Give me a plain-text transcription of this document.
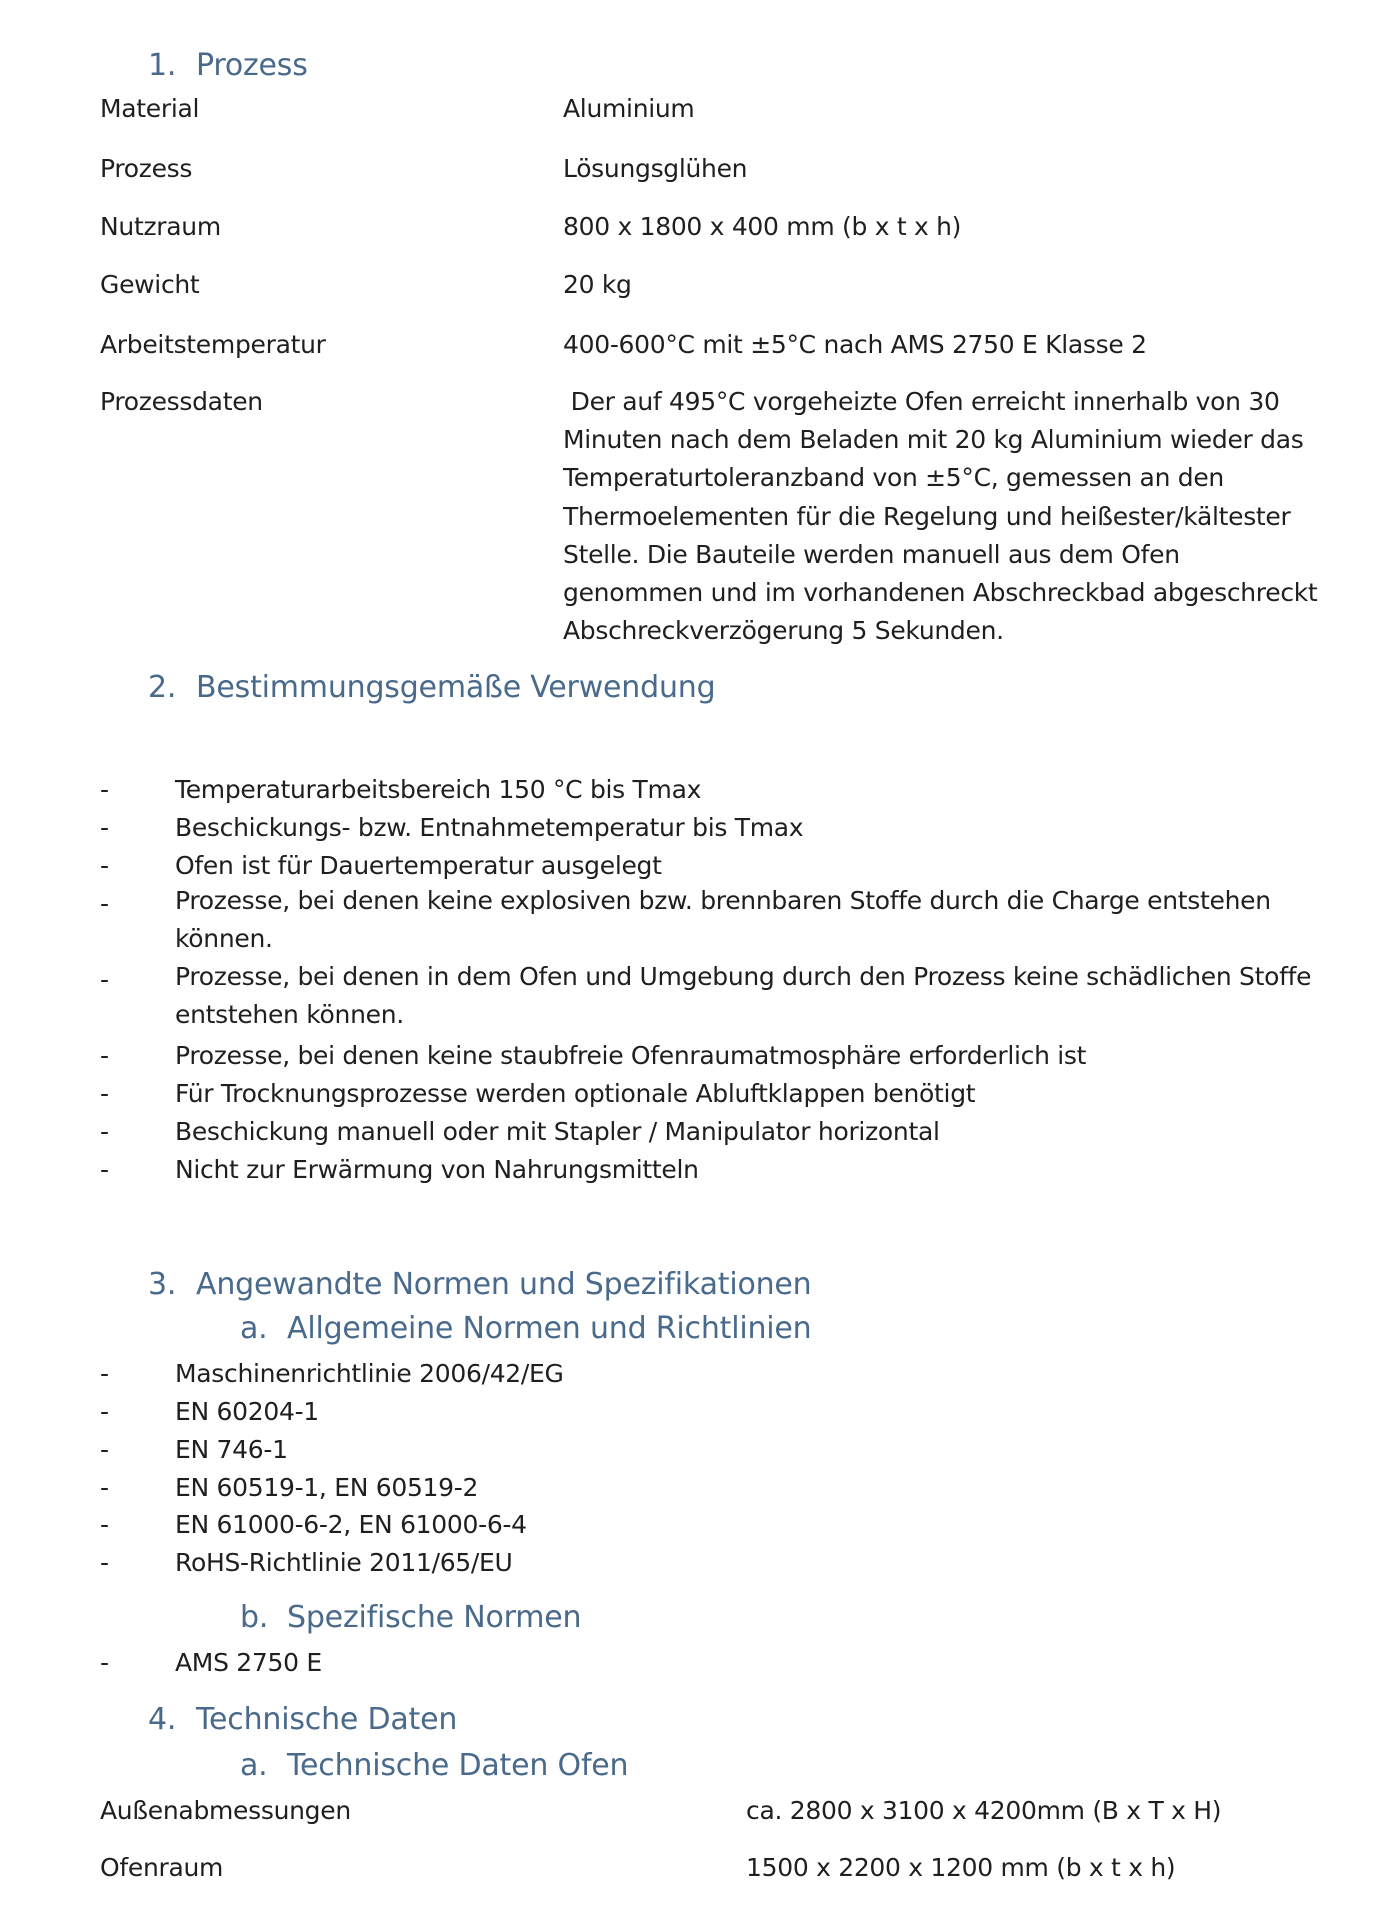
1. Prozess
Material	Aluminium
Prozess	Lösungsglühen
Nutzraum	800 x 1800 x 400 mm (b x t x h)
Gewicht	20 kg
Arbeitstemperatur	400-600°C mit ±5°C nach AMS 2750 E Klasse 2
Prozessdaten	Der auf 495°C vorgeheizte Ofen erreicht innerhalb von 30
Minuten nach dem Beladen mit 20 kg Aluminium wieder das
Temperaturtoleranzband von ±5°C, gemessen an den
Thermoelementen für die Regelung und heißester/kältester
Stelle. Die Bauteile werden manuell aus dem Ofen
genommen und im vorhandenen Abschreckbad abgeschreckt
Abschreckverzögerung 5 Sekunden.
2. Bestimmungsgemäße Verwendung
-	Temperaturarbeitsbereich 150 °C bis Tmax
-	Beschickungs- bzw. Entnahmetemperatur bis Tmax
-	Ofen ist für Dauertemperatur ausgelegt
-	Prozesse, bei denen keine explosiven bzw. brennbaren Stoffe durch die Charge entstehen
können.
-	Prozesse, bei denen in dem Ofen und Umgebung durch den Prozess keine schädlichen Stoffe
entstehen können.
-	Prozesse, bei denen keine staubfreie Ofenraumatmosphäre erforderlich ist
-	Für Trocknungsprozesse werden optionale Abluftklappen benötigt
-	Beschickung manuell oder mit Stapler / Manipulator horizontal
-	Nicht zur Erwärmung von Nahrungsmitteln
3. Angewandte Normen und Spezifikationen
a. Allgemeine Normen und Richtlinien
-	Maschinenrichtlinie 2006/42/EG
-	EN 60204-1
-	EN 746-1
-	EN 60519-1, EN 60519-2
-	EN 61000-6-2, EN 61000-6-4
-	RoHS-Richtlinie 2011/65/EU
b. Spezifische Normen
-	AMS 2750 E
4. Technische Daten
a. Technische Daten Ofen
Außenabmessungen	ca. 2800 x 3100 x 4200mm (B x T x H)
Ofenraum	1500 x 2200 x 1200 mm (b x t x h)
